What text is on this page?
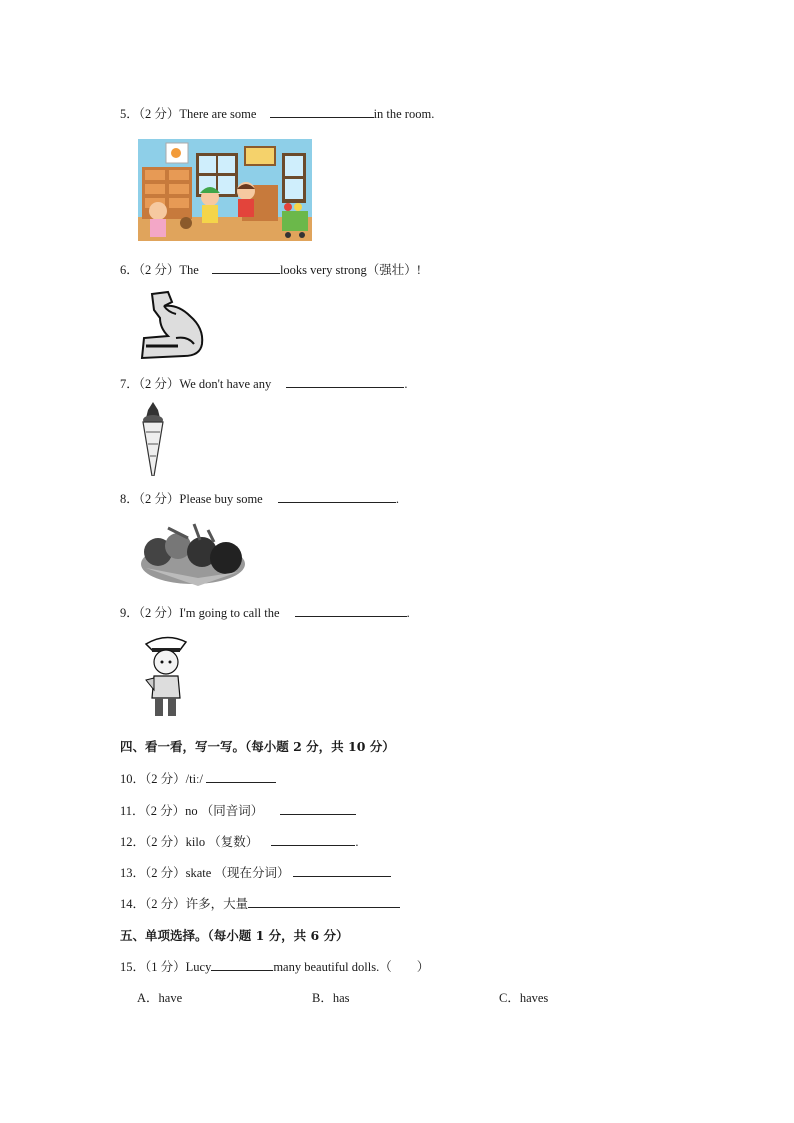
5．（2 分）There are some	in the room.
6．（2 分）The	looks very strong（强壮）!
7．（2 分）We don't have any	.
8．（2 分）Please buy some	.
9．（2 分）I'm going to call the	.
四、看一看，写一写。（每小题 2 分，共 10 分）
10．（2 分）/tiː/
11．（2 分）no （同音词）
12．（2 分）kilo （复数）	.
13．（2 分）skate （现在分词）
14．（2 分）许多，大量
五、单项选择。（每小题 1 分，共 6 分）
15．（1 分）Lucy	many beautiful dolls.（　　）
A．have	B．has	C．haves
